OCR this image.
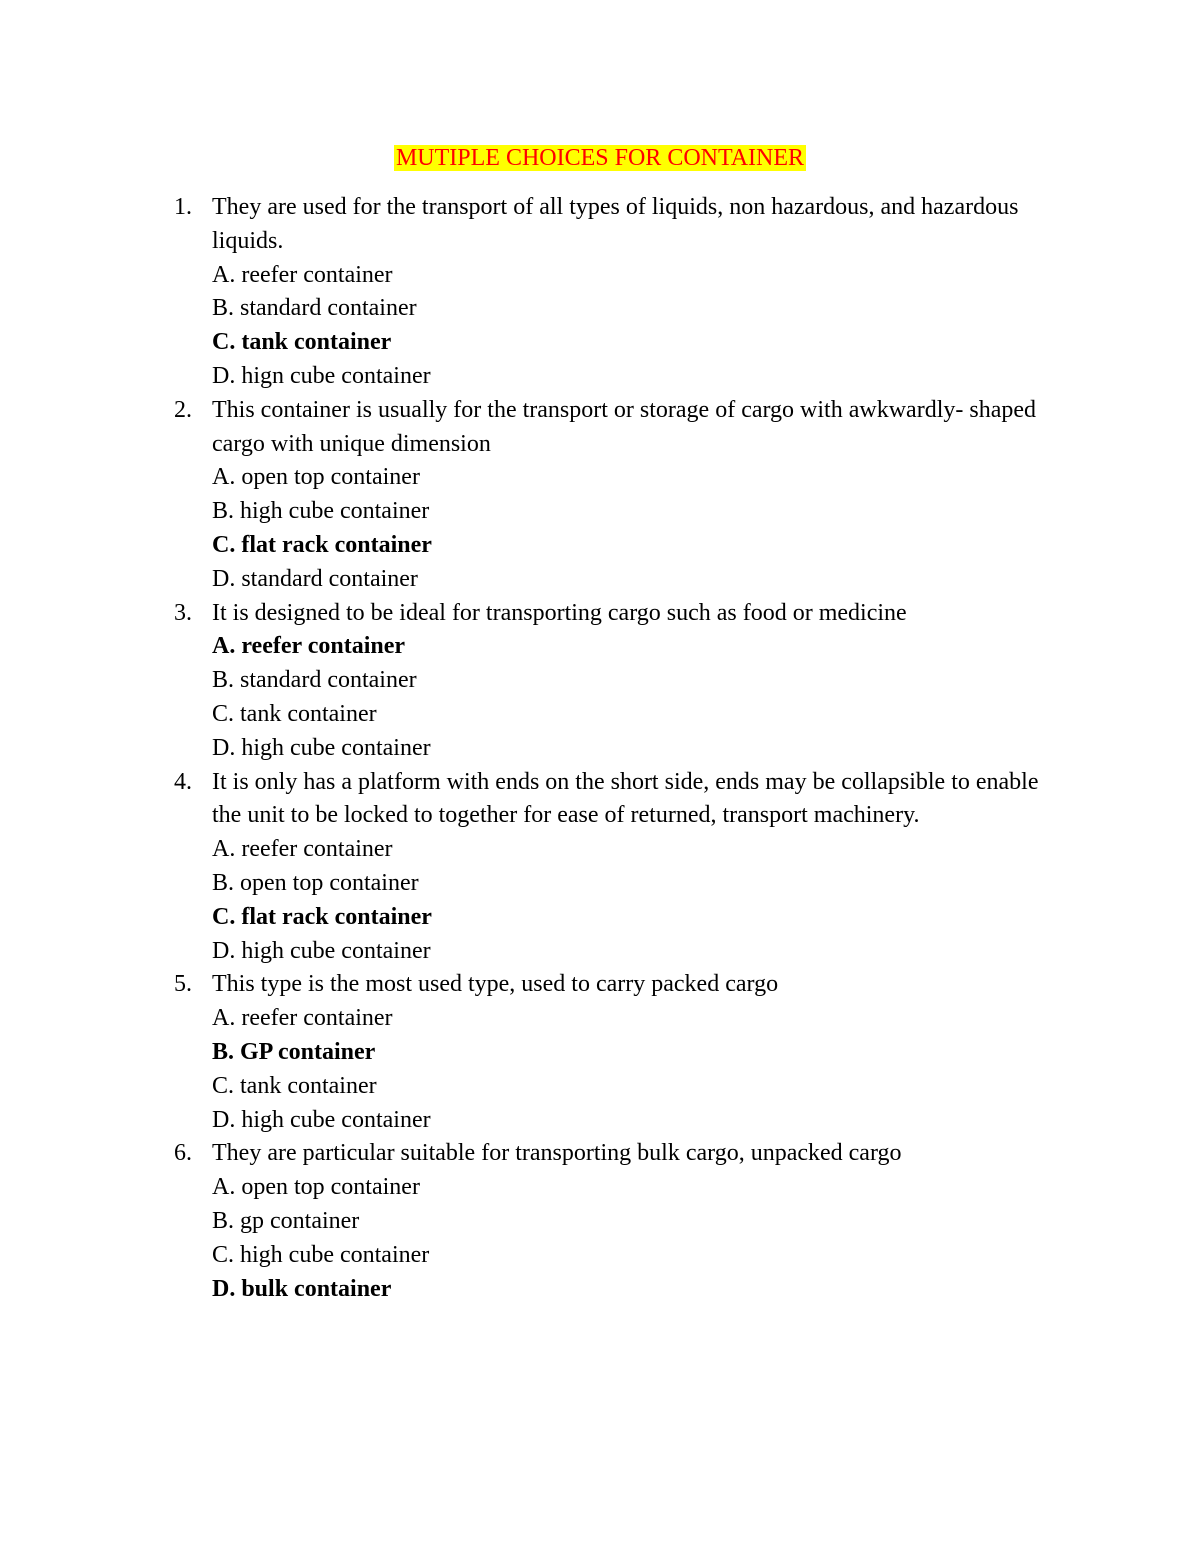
MUTIPLE CHOICES FOR CONTAINER
1. They are used for the transport of all types of liquids, non hazardous, and hazardous liquids.
A. reefer container
B. standard container
C. tank container
D. hign cube container
2. This container is usually for the transport or storage of cargo with awkwardly- shaped cargo with unique dimension
A. open top container
B. high cube container
C. flat rack container
D. standard container
3. It is designed to be ideal for transporting cargo such as food or medicine
A. reefer container
B. standard container
C. tank container
D. high cube container
4. It is only has a platform with ends on the short side, ends may be collapsible to enable the unit to be locked to together for ease of returned, transport machinery.
A. reefer container
B. open top container
C. flat rack container
D. high cube container
5. This type is the most used type, used to carry packed cargo
A. reefer container
B. GP container
C. tank container
D. high cube container
6. They are particular suitable for transporting bulk cargo, unpacked cargo
A. open top container
B. gp container
C. high cube container
D. bulk container
